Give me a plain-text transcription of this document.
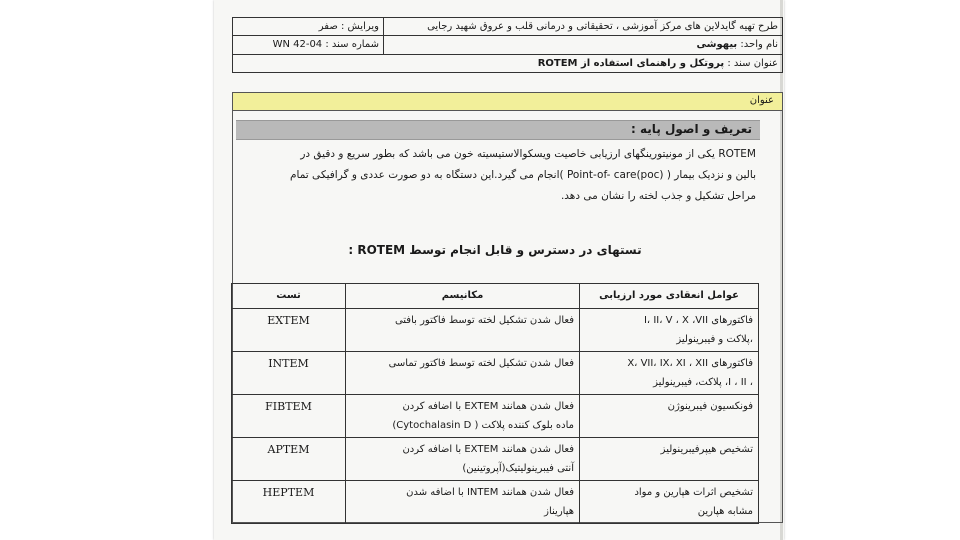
طرح تهیه گایدلاین های مرکز آموزشی ، تحقیقاتی و درمانی قلب و عروق شهید رجایی
ویرایش : صفر
نام واحد: بیهوشی
شماره سند : WN 42-04
عنوان سند : پروتکل و راهنمای استفاده از ROTEM
عنوان
تعریف و اصول پایه :
ROTEM یکی از مونیتورینگهای ارزیابی خاصیت ویسکوالاستیسیته خون می باشد که بطور سریع و دقیق در
بالین و نزدیک بیمار ( Point-of- care(poc) )انجام می گیرد.این دستگاه به دو صورت عددی و گرافیکی تمام
مراحل تشکیل و جذب لخته را نشان می دهد.
تستهای در دسترس و قابل انجام توسط ROTEM :
عوامل انعقادی مورد ارزیابی	مکانیسم	تست

فاکتورهای I، II، V ، X ،VII
،پلاکت و فیبرینولیز	فعال شدن تشکیل لخته توسط فاکتور بافتی	EXTEM

فاکتورهای X، VII، IX، XI ، XII
، I ، II، پلاکت، فیبرینولیز	فعال شدن تشکیل لخته توسط فاکتور تماسی	INTEM

فونکسیون فیبرینوژن	فعال شدن همانند EXTEM با اضافه کردن
ماده بلوک کننده پلاکت ( Cytochalasin D)	FIBTEM

تشخیص هیپرفیبرینولیز	فعال شدن همانند EXTEM با اضافه کردن
آنتی فیبرینولیتیک(آپروتینین)	APTEM

تشخیص اثرات هپارین و مواد
مشابه هپارین	فعال شدن همانند INTEM با اضافه شدن
هپاریناز	HEPTEM
